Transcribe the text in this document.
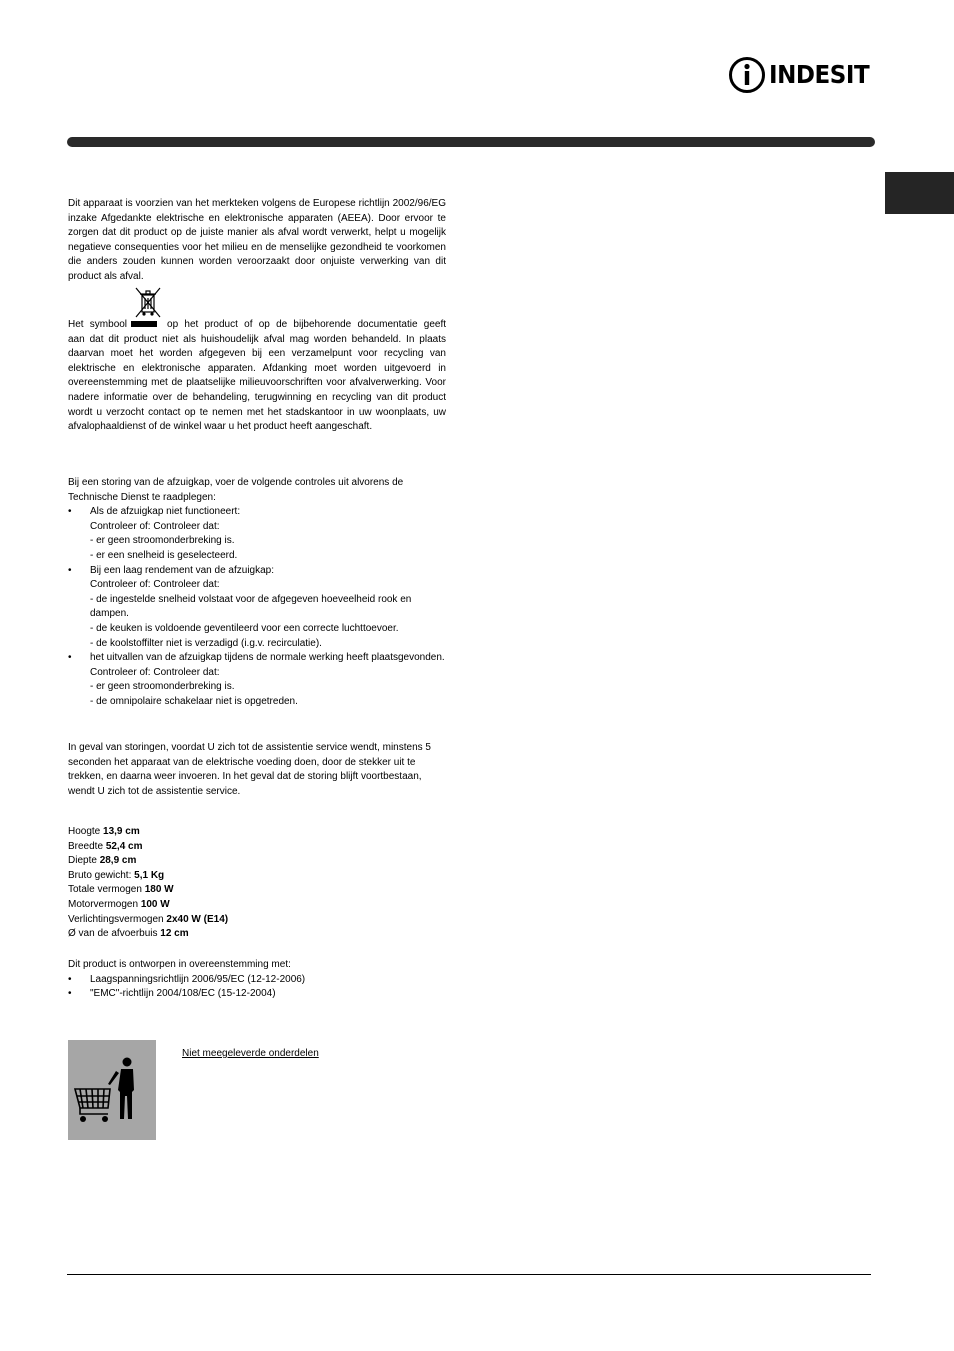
INDESIT

Dit apparaat is voorzien van het merkteken volgens de Europese richtlijn 2002/96/EG inzake Afgedankte elektrische en elektronische apparaten (AEEA). Door ervoor te zorgen dat dit product op de juiste manier als afval wordt verwerkt, helpt u mogelijk negatieve consequenties voor het milieu en de menselijke gezondheid te voorkomen die anders zouden kunnen worden veroorzaakt door onjuiste verwerking van dit product als afval.

Het symbool	op het product of op de bijbehorende documentatie geeft

aan dat dit product niet als huishoudelijk afval mag worden behandeld. In plaats daarvan moet het worden afgegeven bij een verzamelpunt voor recycling van elektrische en elektronische apparaten. Afdanking moet worden uitgevoerd in overeenstemming met de plaatselijke milieuvoorschriften voor afvalverwerking. Voor nadere informatie over de behandeling, terugwinning en recycling van dit product wordt u verzocht contact op te nemen met het stadskantoor in uw woonplaats, uw afvalophaaldienst of de winkel waar u het product heeft aangeschaft.

Bij een storing van de afzuigkap, voer de volgende controles uit alvorens de Technische Dienst te raadplegen:

• Als de afzuigkap niet functioneert:
Controleer of: Controleer dat:
- er geen stroomonderbreking is.
- er een snelheid is geselecteerd.
• Bij een laag rendement van de afzuigkap:
Controleer of: Controleer dat:
- de ingestelde snelheid volstaat voor de afgegeven hoeveelheid rook en dampen.
- de keuken is voldoende geventileerd voor een correcte luchttoevoer.
- de koolstoffilter niet is verzadigd (i.g.v. recirculatie).
• het uitvallen van de afzuigkap tijdens de normale werking heeft plaatsgevonden.
Controleer of: Controleer dat:
- er geen stroomonderbreking is.
- de omnipolaire schakelaar niet is opgetreden.

In geval van storingen, voordat U zich tot de assistentie service wendt, minstens 5 seconden het apparaat van de elektrische voeding doen, door de stekker uit te trekken, en daarna weer invoeren. In het geval dat de storing blijft voortbestaan, wendt U zich tot de assistentie service.

Hoogte 13,9 cm
Breedte 52,4 cm
Diepte 28,9 cm
Bruto gewicht: 5,1 Kg
Totale vermogen 180 W
Motorvermogen 100 W
Verlichtingsvermogen 2x40 W (E14)
Ø van de afvoerbuis 12 cm

Dit product is ontworpen in overeenstemming met:

• Laagspanningsrichtlijn 2006/95/EC (12-12-2006)
• "EMC"-richtlijn 2004/108/EC (15-12-2004)
Niet meegeleverde onderdelen
